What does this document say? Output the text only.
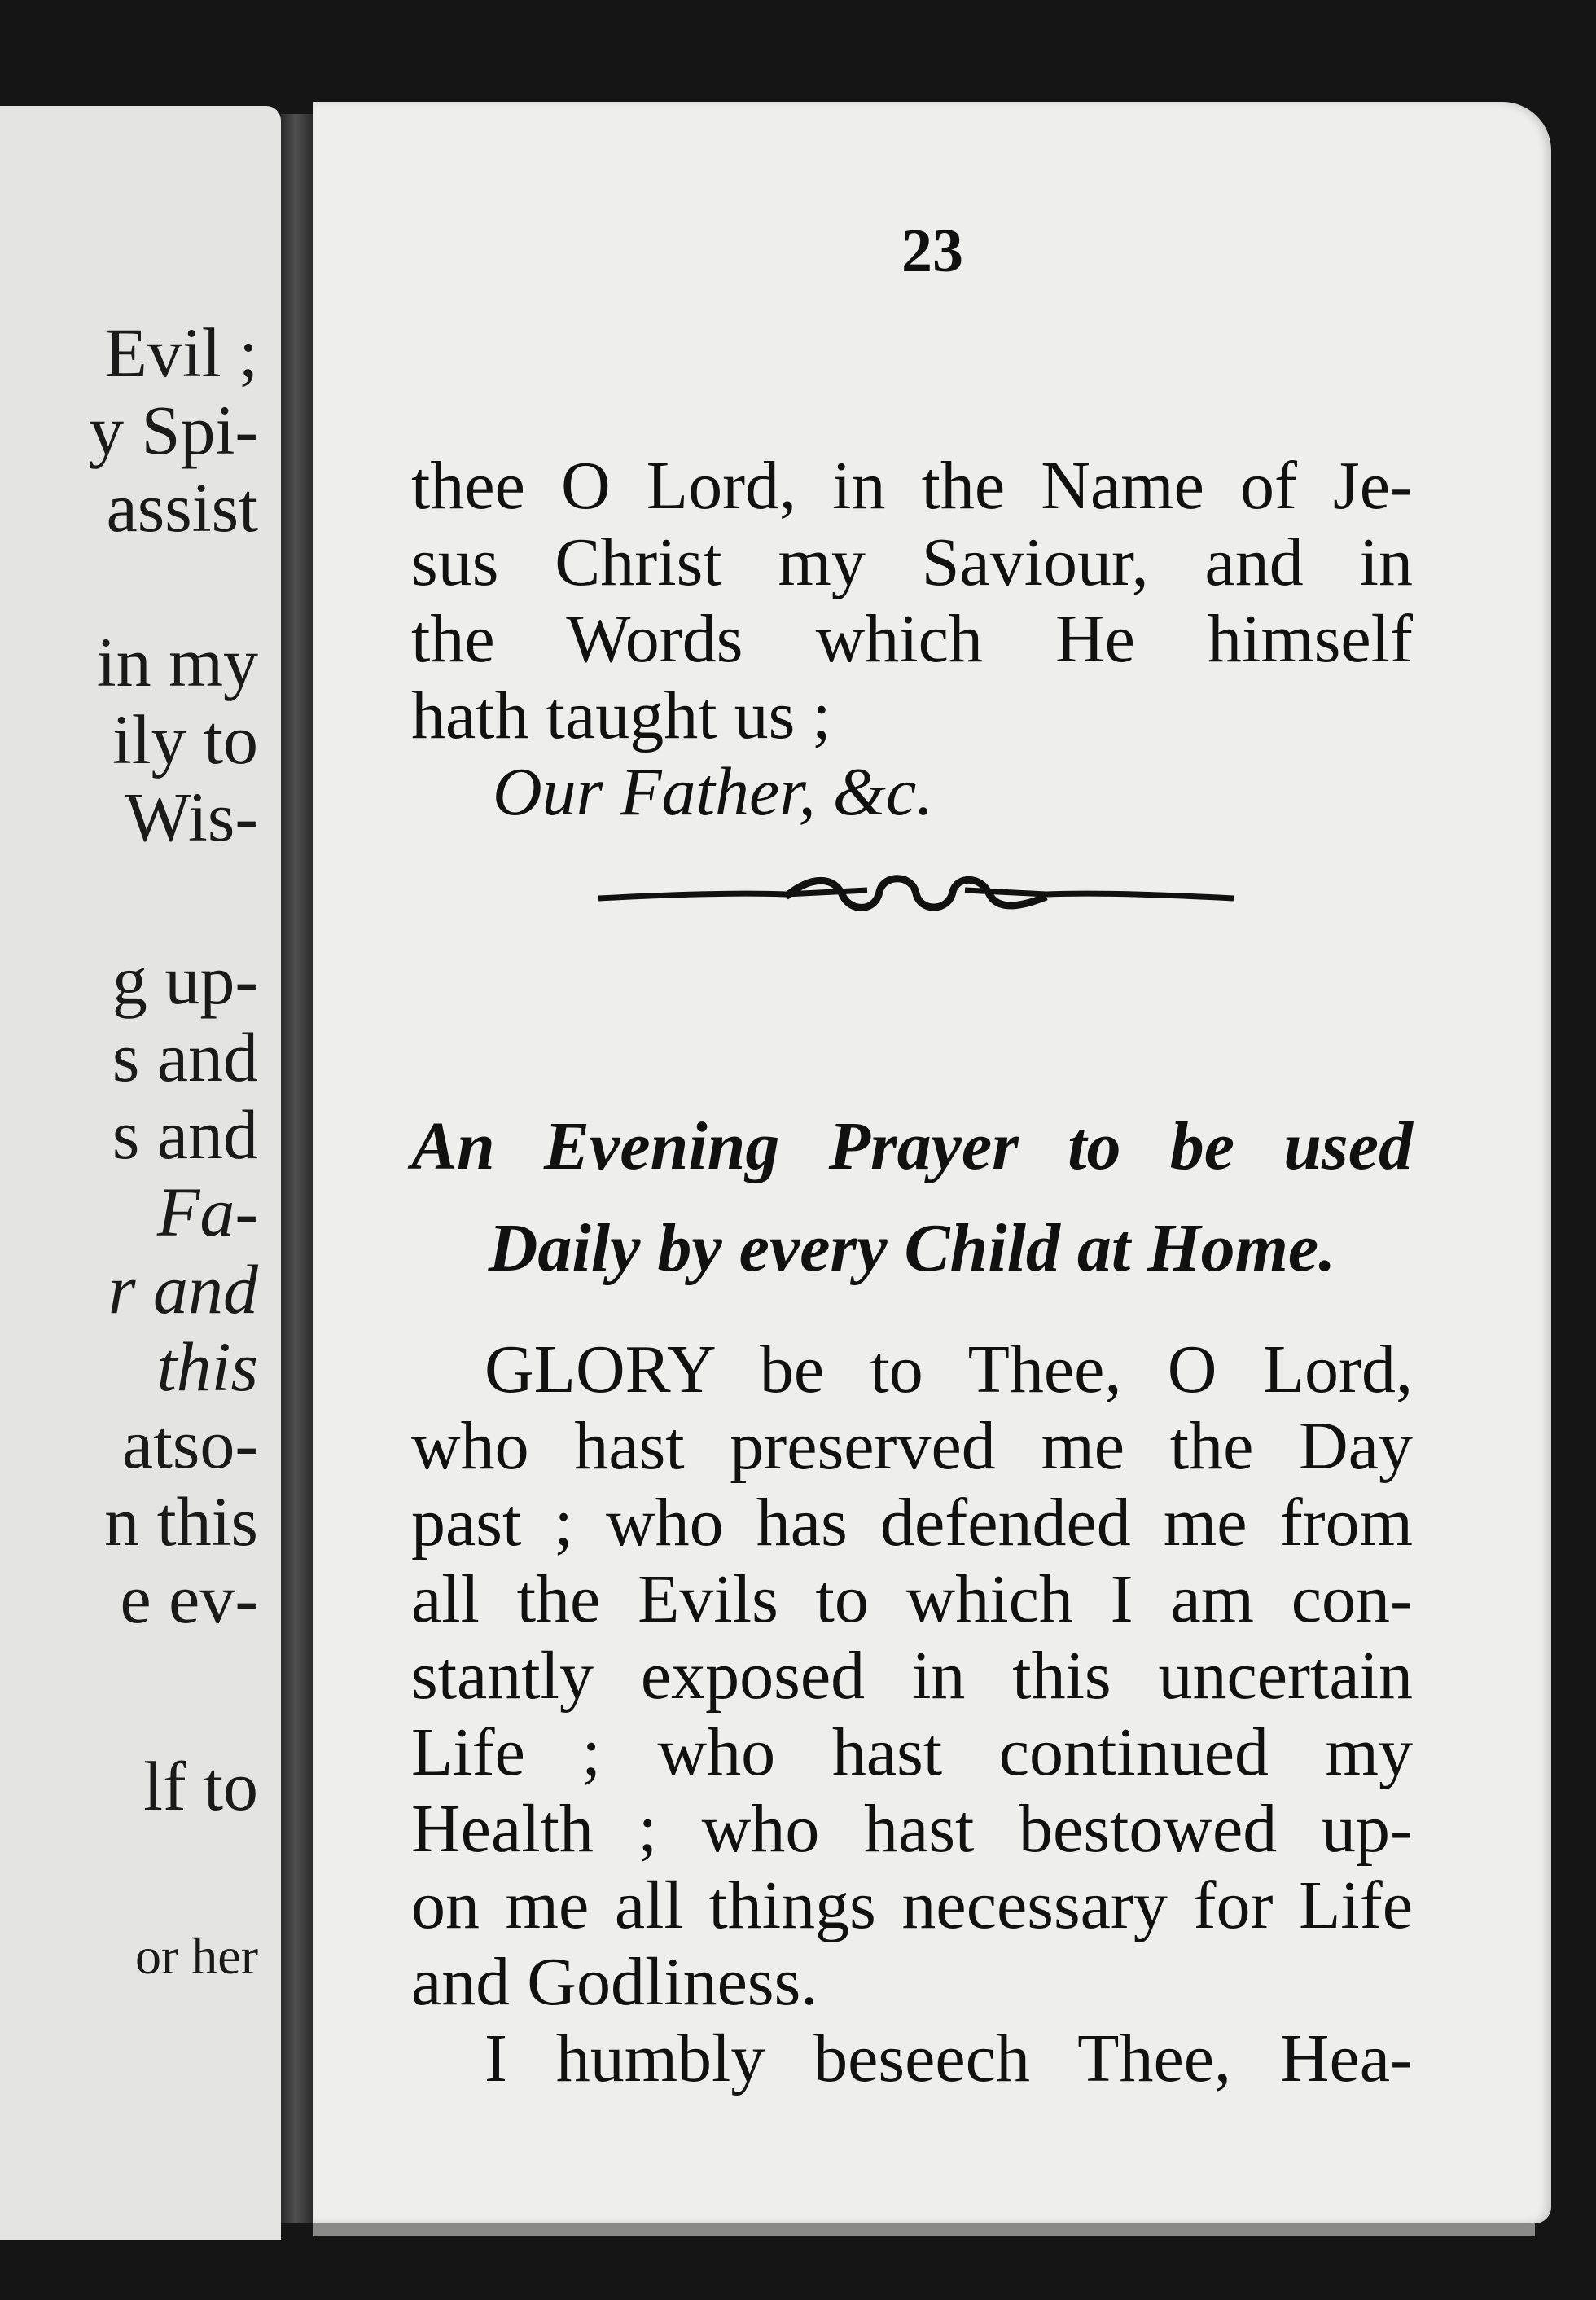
Evil ;
y Spi-
assist
in my
ily to
Wis-
g up-
s and
s and
Fa-
r and
this
atso-
n this
e ev-
lf to
or her
23
thee O Lord, in the Name of Je-
sus Christ my Saviour, and in
the Words which He himself
hath taught us ;
Our Father, &c.
An Evening Prayer to be used
Daily by every Child at Home.
GLORY be to Thee, O Lord,
who hast preserved me the Day
past ; who has defended me from
all the Evils to which I am con-
stantly exposed in this uncertain
Life ; who hast continued my
Health ; who hast bestowed up-
on me all things necessary for Life
and Godliness.
I humbly beseech Thee, Hea-
